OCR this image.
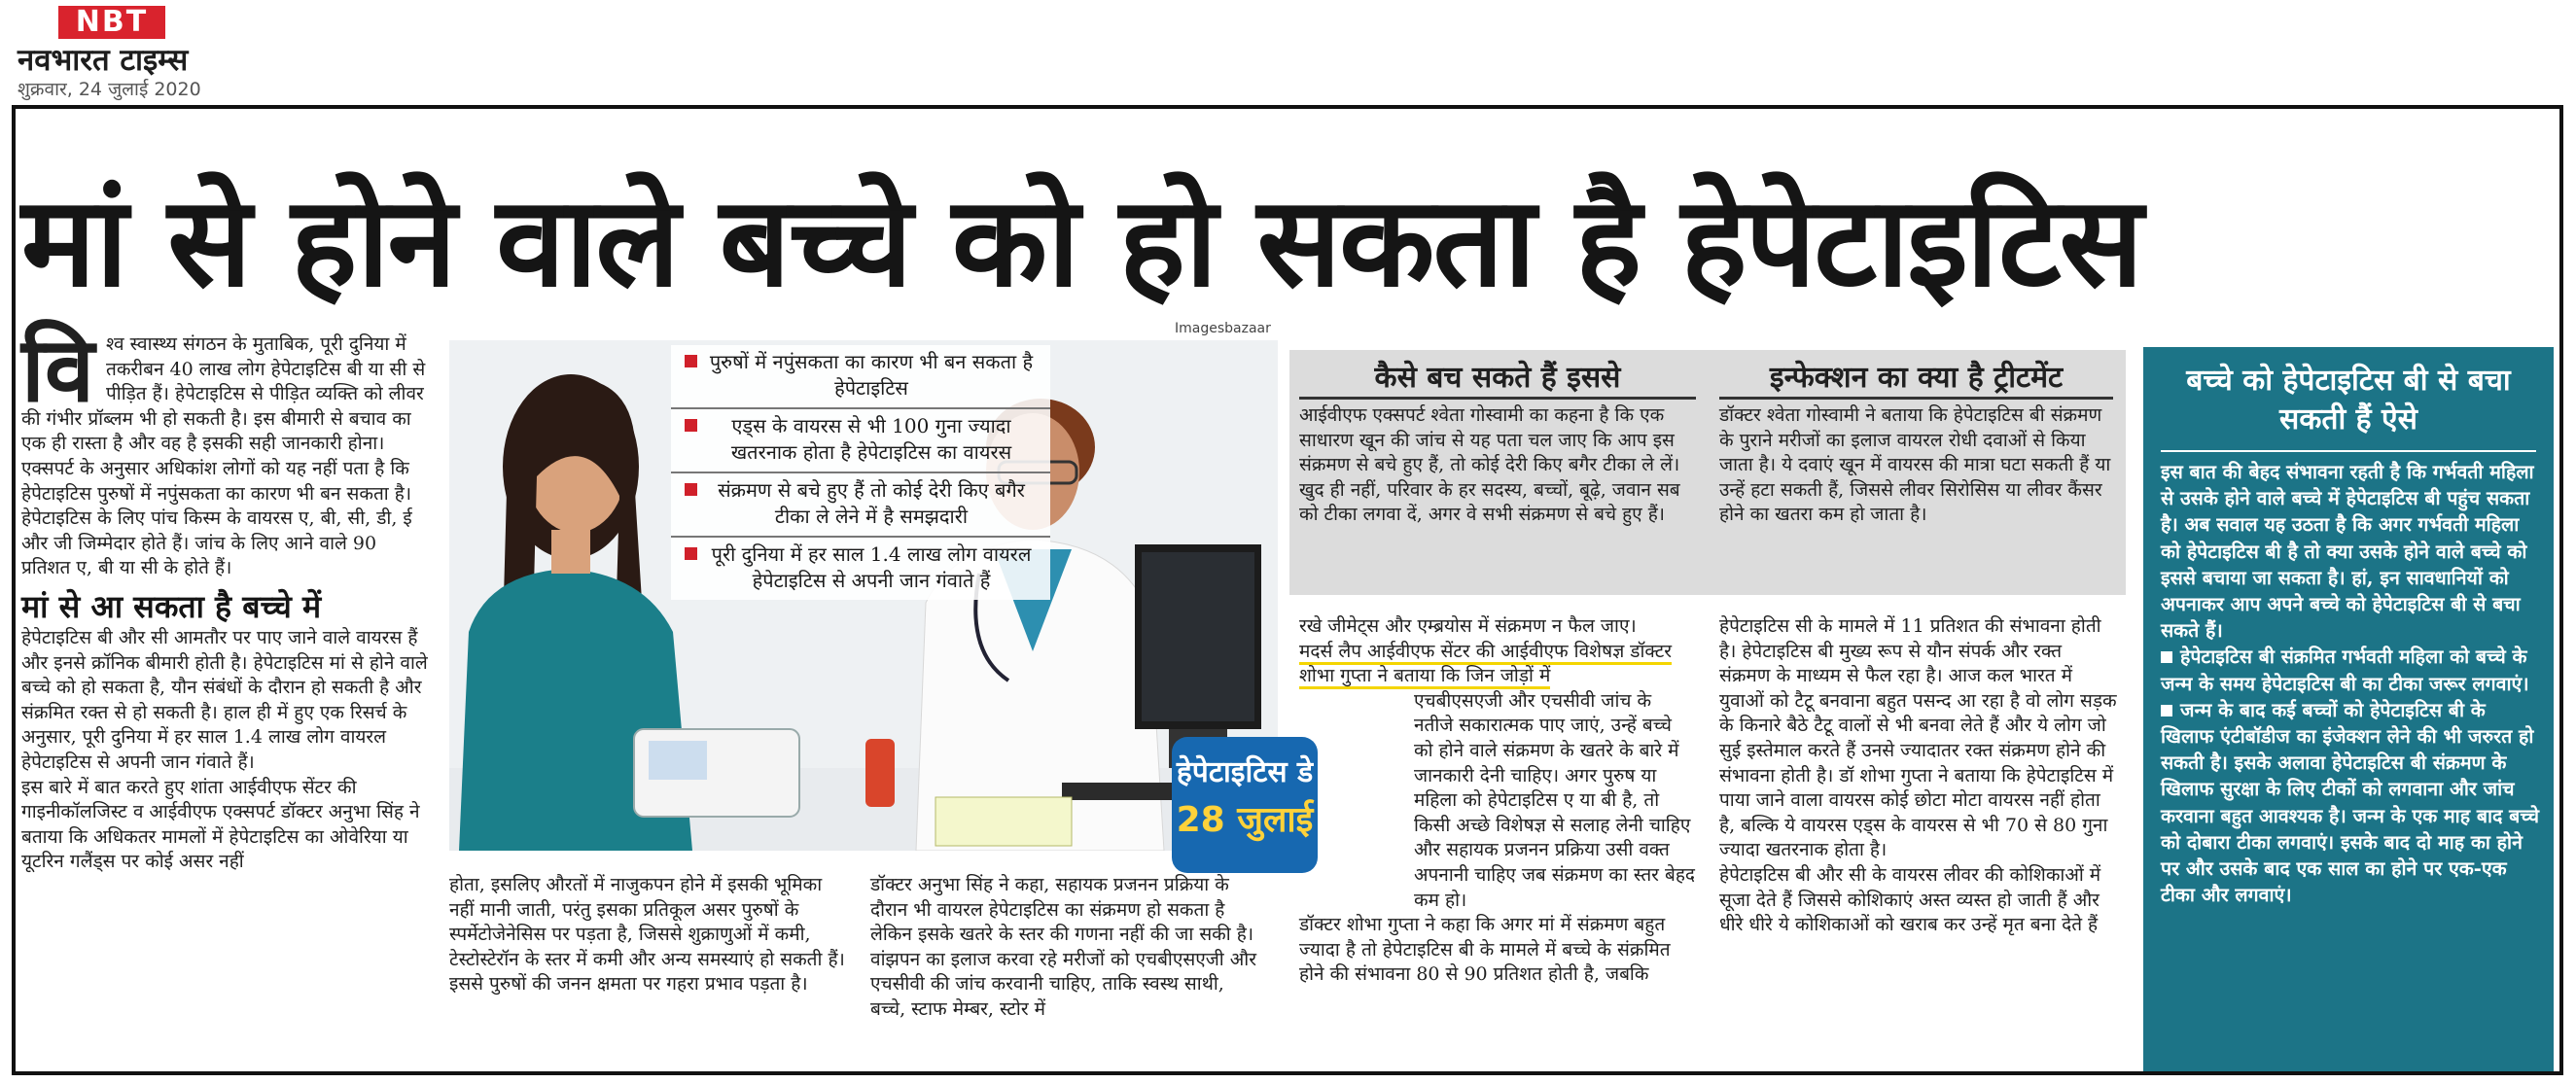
NBT
नवभारत टाइम्स
शुक्रवार, 24 जुलाई 2020
मां से होने वाले बच्चे को हो सकता है हेपेटाइटिस
वि श्व स्वास्थ्य संगठन के मुताबिक, पूरी दुनिया में तकरीबन 40 लाख लोग हेपेटाइटिस बी या सी से पीड़ित हैं। हेपेटाइटिस से पीड़ित व्यक्ति को लीवर की गंभीर प्रॉब्लम भी हो सकती है। इस बीमारी से बचाव का एक ही रास्ता है और वह है इसकी सही जानकारी होना। एक्सपर्ट के अनुसार अधिकांश लोगों को यह नहीं पता है कि हेपेटाइटिस पुरुषों में नपुंसकता का कारण भी बन सकता है। हेपेटाइटिस के लिए पांच किस्म के वायरस ए, बी, सी, डी, ई और जी जिम्मेदार होते हैं। जांच के लिए आने वाले 90 प्रतिशत ए, बी या सी के होते हैं।

मां से आ सकता है बच्चे में

हेपेटाइटिस बी और सी आमतौर पर पाए जाने वाले वायरस हैं और इनसे क्रॉनिक बीमारी होती है। हेपेटाइटिस मां से होने वाले बच्चे को हो सकता है, यौन संबंधों के दौरान हो सकती है और संक्रमित रक्त से हो सकती है। हाल ही में हुए एक रिसर्च के अनुसार, पूरी दुनिया में हर साल 1.4 लाख लोग वायरल हेपेटाइटिस से अपनी जान गंवाते हैं।

इस बारे में बात करते हुए शांता आईवीएफ सेंटर की गाइनीकॉलजिस्ट व आईवीएफ एक्सपर्ट डॉक्टर अनुभा सिंह ने बताया कि अधिकतर मामलों में हेपेटाइटिस का ओवेरिया या यूटरिन गलैंड्स पर कोई असर नहीं

Imagesbazaar
पुरुषों में नपुंसकता का कारण भी बन सकता है हेपेटाइटिस
एड्स के वायरस से भी 100 गुना ज्यादा खतरनाक होता है हेपेटाइटिस का वायरस
संक्रमण से बचे हुए हैं तो कोई देरी किए बगैर टीका ले लेने में है समझदारी
पूरी दुनिया में हर साल 1.4 लाख लोग वायरल हेपेटाइटिस से अपनी जान गंवाते हैं
हेपेटाइटिस डे
28 जुलाई

होता, इसलिए औरतों में नाजुकपन होने में इसकी भूमिका नहीं मानी जाती, परंतु इसका प्रतिकूल असर पुरुषों के स्पर्मेटोजेनेसिस पर पड़ता है, जिससे शुक्राणुओं में कमी, टेस्टोस्टेरॉन के स्तर में कमी और अन्य समस्याएं हो सकती हैं। इससे पुरुषों की जनन क्षमता पर गहरा प्रभाव पड़ता है।

डॉक्टर अनुभा सिंह ने कहा, सहायक प्रजनन प्रक्रिया के दौरान भी वायरल हेपेटाइटिस का संक्रमण हो सकता है लेकिन इसके खतरे के स्तर की गणना नहीं की जा सकी है। वांझपन का इलाज करवा रहे मरीजों को एचबीएसएजी और एचसीवी की जांच करवानी चाहिए, ताकि स्वस्थ साथी, बच्चे, स्टाफ मेम्बर, स्टोर में

कैसे बच सकते हैं इससे

आईवीएफ एक्सपर्ट श्वेता गोस्वामी का कहना है कि एक साधारण खून की जांच से यह पता चल जाए कि आप इस संक्रमण से बचे हुए हैं, तो कोई देरी किए बगैर टीका ले लें। खुद ही नहीं, परिवार के हर सदस्य, बच्चों, बूढ़े, जवान सब को टीका लगवा दें, अगर वे सभी संक्रमण से बचे हुए हैं।

इन्फेक्शन का क्या है ट्रीटमेंट

डॉक्टर श्वेता गोस्वामी ने बताया कि हेपेटाइटिस बी संक्रमण के पुराने मरीजों का इलाज वायरल रोधी दवाओं से किया जाता है। ये दवाएं खून में वायरस की मात्रा घटा सकती हैं या उन्हें हटा सकती हैं, जिससे लीवर सिरोसिस या लीवर कैंसर होने का खतरा कम हो जाता है।

रखे जीमेट्स और एम्ब्रयोस में संक्रमण न फैल जाए।

मदर्स लैप आईवीएफ सेंटर की आईवीएफ विशेषज्ञ डॉक्टर शोभा गुप्ता ने बताया कि जिन जोड़ों में

एचबीएसएजी और एचसीवी जांच के नतीजे सकारात्मक पाए जाएं, उन्हें बच्चे को होने वाले संक्रमण के खतरे के बारे में जानकारी देनी चाहिए। अगर पुरुष या महिला को हेपेटाइटिस ए या बी है, तो किसी अच्छे विशेषज्ञ से सलाह लेनी चाहिए और सहायक प्रजनन प्रक्रिया उसी वक्त अपनानी चाहिए जब संक्रमण का स्तर बेहद कम हो।

डॉक्टर शोभा गुप्ता ने कहा कि अगर मां में संक्रमण बहुत ज्यादा है तो हेपेटाइटिस बी के मामले में बच्चे के संक्रमित होने की संभावना 80 से 90 प्रतिशत होती है, जबकि

हेपेटाइटिस सी के मामले में 11 प्रतिशत की संभावना होती है। हेपेटाइटिस बी मुख्य रूप से यौन संपर्क और रक्त संक्रमण के माध्यम से फैल रहा है। आज कल भारत में युवाओं को टैटू बनवाना बहुत पसन्द आ रहा है वो लोग सड़क के किनारे बैठे टैटू वालों से भी बनवा लेते हैं और ये लोग जो सुई इस्तेमाल करते हैं उनसे ज्यादातर रक्त संक्रमण होने की संभावना होती है। डॉ शोभा गुप्ता ने बताया कि हेपेटाइटिस में पाया जाने वाला वायरस कोई छोटा मोटा वायरस नहीं होता है, बल्कि ये वायरस एड्स के वायरस से भी 70 से 80 गुना ज्यादा खतरनाक होता है।

हेपेटाइटिस बी और सी के वायरस लीवर की कोशिकाओं में सूजा देते हैं जिससे कोशिकाएं अस्त व्यस्त हो जाती हैं और धीरे धीरे ये कोशिकाओं को खराब कर उन्हें मृत बना देते हैं

बच्चे को हेपेटाइटिस बी से बचा सकती हैं ऐसे

इस बात की बेहद संभावना रहती है कि गर्भवती महिला से उसके होने वाले बच्चे में हेपेटाइटिस बी पहुंच सकता है। अब सवाल यह उठता है कि अगर गर्भवती महिला को हेपेटाइटिस बी है तो क्या उसके होने वाले बच्चे को इससे बचाया जा सकता है। हां, इन सावधानियों को अपनाकर आप अपने बच्चे को हेपेटाइटिस बी से बचा सकते हैं।

हेपेटाइटिस बी संक्रमित गर्भवती महिला को बच्चे के जन्म के समय हेपेटाइटिस बी का टीका जरूर लगवाएं।

जन्म के बाद कई बच्चों को हेपेटाइटिस बी के खिलाफ एंटीबॉडीज का इंजेक्शन लेने की भी जरुरत हो सकती है। इसके अलावा हेपेटाइटिस बी संक्रमण के खिलाफ सुरक्षा के लिए टीकों को लगवाना और जांच करवाना बहुत आवश्यक है। जन्म के एक माह बाद बच्चे को दोबारा टीका लगवाएं। इसके बाद दो माह का होने पर और उसके बाद एक साल का होने पर एक-एक टीका और लगवाएं।
